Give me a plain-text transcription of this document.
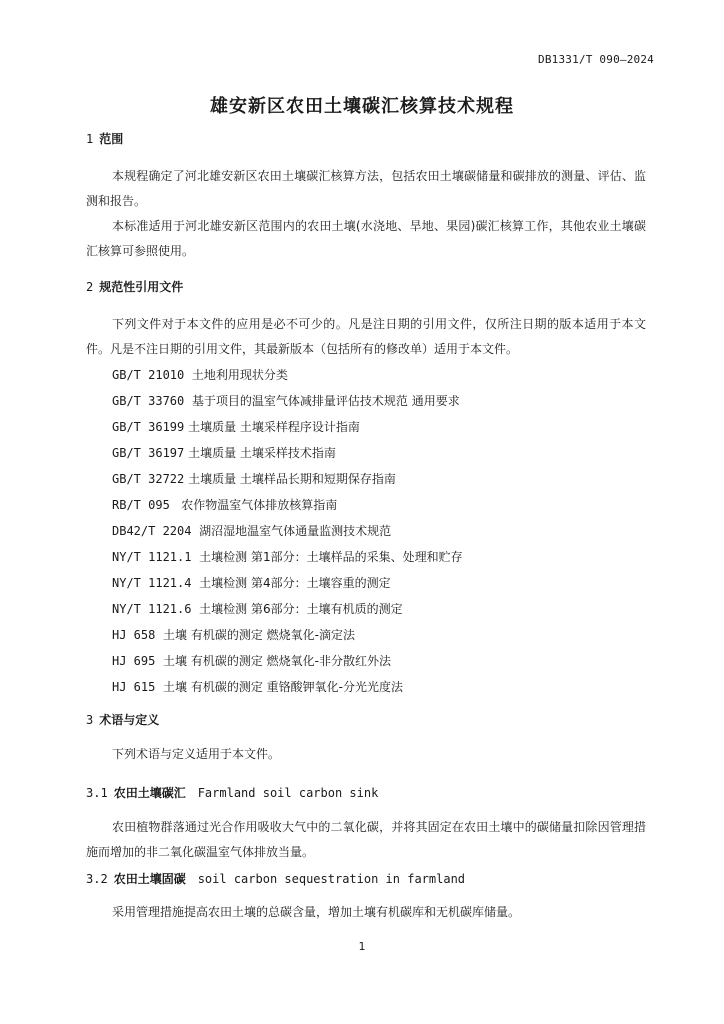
DB1331/T 090—2024
雄安新区农田土壤碳汇核算技术规程
1 范围
本规程确定了河北雄安新区农田土壤碳汇核算方法，包括农田土壤碳储量和碳排放的测量、评估、监测和报告。
本标准适用于河北雄安新区范围内的农田土壤(水浇地、旱地、果园)碳汇核算工作，其他农业土壤碳汇核算可参照使用。
2 规范性引用文件
下列文件对于本文件的应用是必不可少的。凡是注日期的引用文件，仅所注日期的版本适用于本文件。凡是不注日期的引用文件，其最新版本（包括所有的修改单）适用于本文件。
GB/T 21010 土地利用现状分类
GB/T 33760 基于项目的温室气体减排量评估技术规范 通用要求
GB/T 36199 土壤质量 土壤采样程序设计指南
GB/T 36197 土壤质量 土壤采样技术指南
GB/T 32722 土壤质量 土壤样品长期和短期保存指南
RB/T 095 农作物温室气体排放核算指南
DB42/T 2204 湖沼湿地温室气体通量监测技术规范
NY/T 1121.1 土壤检测 第1部分：土壤样品的采集、处理和贮存
NY/T 1121.4 土壤检测 第4部分：土壤容重的测定
NY/T 1121.6 土壤检测 第6部分：土壤有机质的测定
HJ 658 土壤 有机碳的测定 燃烧氧化-滴定法
HJ 695 土壤 有机碳的测定 燃烧氧化-非分散红外法
HJ 615 土壤 有机碳的测定 重铬酸钾氧化-分光光度法
3 术语与定义
下列术语与定义适用于本文件。
3.1 农田土壤碳汇 Farmland soil carbon sink
农田植物群落通过光合作用吸收大气中的二氧化碳，并将其固定在农田土壤中的碳储量扣除因管理措施而增加的非二氧化碳温室气体排放当量。
3.2 农田土壤固碳 soil carbon sequestration in farmland
采用管理措施提高农田土壤的总碳含量，增加土壤有机碳库和无机碳库储量。
1
